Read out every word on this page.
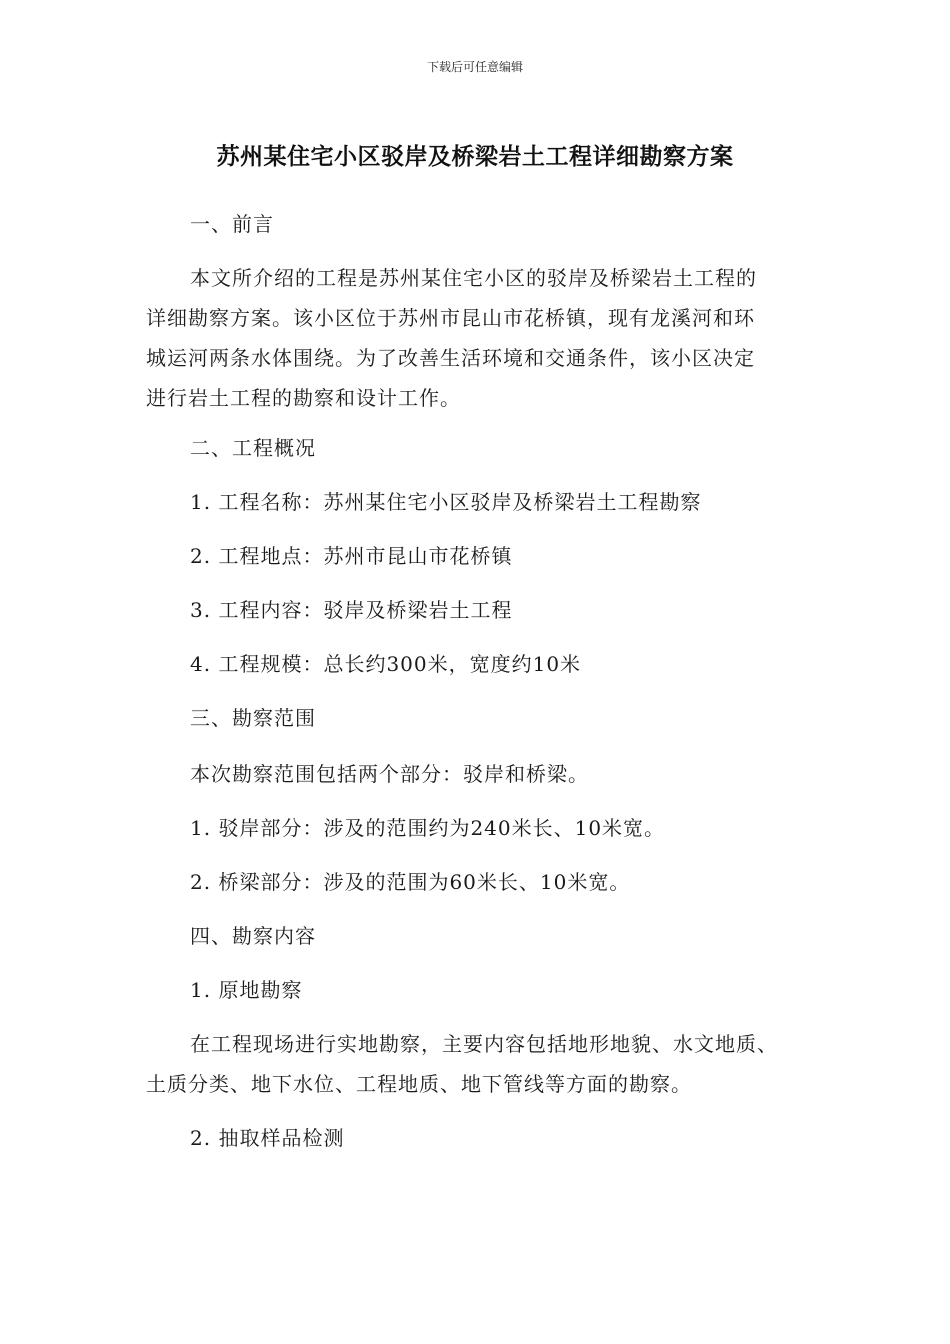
下载后可任意编辑
苏州某住宅小区驳岸及桥梁岩土工程详细勘察方案
一、前言
本文所介绍的工程是苏州某住宅小区的驳岸及桥梁岩土工程的
详细勘察方案。该小区位于苏州市昆山市花桥镇，现有龙溪河和环
城运河两条水体围绕。为了改善生活环境和交通条件，该小区决定
进行岩土工程的勘察和设计工作。
二、工程概况
1. 工程名称：苏州某住宅小区驳岸及桥梁岩土工程勘察
2. 工程地点：苏州市昆山市花桥镇
3. 工程内容：驳岸及桥梁岩土工程
4. 工程规模：总长约300米，宽度约10米
三、勘察范围
本次勘察范围包括两个部分：驳岸和桥梁。
1. 驳岸部分：涉及的范围约为240米长、10米宽。
2. 桥梁部分：涉及的范围为60米长、10米宽。
四、勘察内容
1. 原地勘察
在工程现场进行实地勘察，主要内容包括地形地貌、水文地质、
土质分类、地下水位、工程地质、地下管线等方面的勘察。
2. 抽取样品检测
